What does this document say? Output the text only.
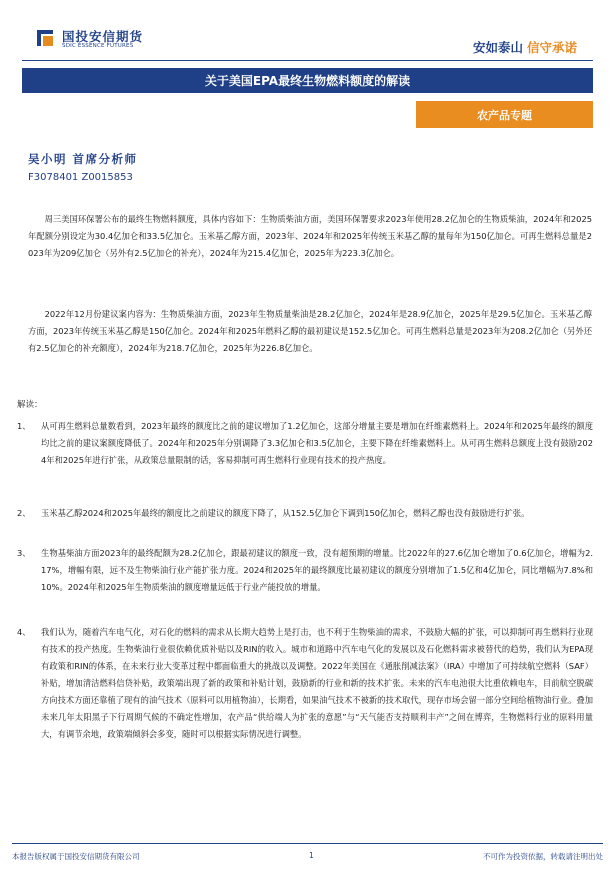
国投安信期货
SDIC ESSENCE FUTURES	安如泰山 信守承诺
关于美国EPA最终生物燃料额度的解读
农产品专题
吴小明 首席分析师
F3078401 Z0015853

周三美国环保署公布的最终生物燃料额度，具体内容如下：生物质柴油方面，美国环保署要求2023年使用28.2亿加仑的生物质柴油，2024年和2025年配额分别设定为30.4亿加仑和33.5亿加仑。玉米基乙醇方面，2023年、2024年和2025年传统玉米基乙醇的量每年为150亿加仑。可再生燃料总量是2023年为209亿加仑（另外有2.5亿加仑的补充），2024年为215.4亿加仑，2025年为223.3亿加仑。

2022年12月份建议案内容为：生物质柴油方面，2023年生物质量柴油是28.2亿加仑，2024年是28.9亿加仑，2025年是29.5亿加仑。玉米基乙醇方面，2023年传统玉米基乙醇是150亿加仑。2024年和2025年燃料乙醇的最初建议是152.5亿加仑。可再生燃料总量是2023年为208.2亿加仑（另外还有2.5亿加仑的补充额度），2024年为218.7亿加仑，2025年为226.8亿加仑。

解读：
1、	从可再生燃料总量数看到，2023年最终的额度比之前的建议增加了1.2亿加仑，这部分增量主要是增加在纤维素燃料上。2024年和2025年最终的额度均比之前的建议案额度降低了。2024年和2025年分别调降了3.3亿加仑和3.5亿加仑，主要下降在纤维素燃料上。从可再生燃料总额度上没有鼓励2024年和2025年进行扩张，从政策总量限制的话，客易抑制可再生燃料行业现有技术的投产热度。
2、	玉米基乙醇2024和2025年最终的额度比之前建议的额度下降了，从152.5亿加仑下调到150亿加仑，燃料乙醇也没有鼓励进行扩张。
3、	生物基柴油方面2023年的最终配额为28.2亿加仑，跟最初建议的额度一致，没有超预期的增量。比2022年的27.6亿加仑增加了0.6亿加仑，增幅为2.17%，增幅有限，远不及生物柴油行业产能扩张力度。2024和2025年的最终额度比最初建议的额度分别增加了1.5亿和4亿加仑，同比增幅为7.8%和10%。2024年和2025年生物质柴油的额度增量远低于行业产能投放的增量。
4、	我们认为，随着汽车电气化，对石化的燃料的需求从长期大趋势上是打击，也不利于生物柴油的需求，不鼓励大幅的扩张，可以抑制可再生燃料行业现有技术的投产热度。生物柴油行业很依赖优质补贴以及RIN的收入。城市和道路中汽车电气化的发展以及石化燃料需求被替代的趋势，我们认为EPA现有政策和RIN的体系，在未来行业大变革过程中都面临重大的挑战以及调整。2022年美国在《通胀削减法案》（IRA）中增加了可持续航空燃料（SAF）补贴，增加清洁燃料信贷补贴，政策端出现了新的政策和补贴计划，鼓励新的行业和新的技术扩张。未来的汽车电池很大比重依赖电车，目前航空脱碳方向技术方面还靠植了现有的油气技术（原料可以用植物油），长期看，如果油气技术不被新的技术取代，现存市场会留一部分空间给植物油行业。叠加未来几年太阳黑子下行周期气候的不确定性增加，农产品“供给端人为扩张的意愿”与“天气能否支持顺利丰产”之间在博弈，生物燃料行业的原料用量大，有调节余地，政策端倾斜会多变，随时可以根据实际情况进行调整。
本报告版权属于国投安信期货有限公司	1	不可作为投资依据，转载请注明出处
